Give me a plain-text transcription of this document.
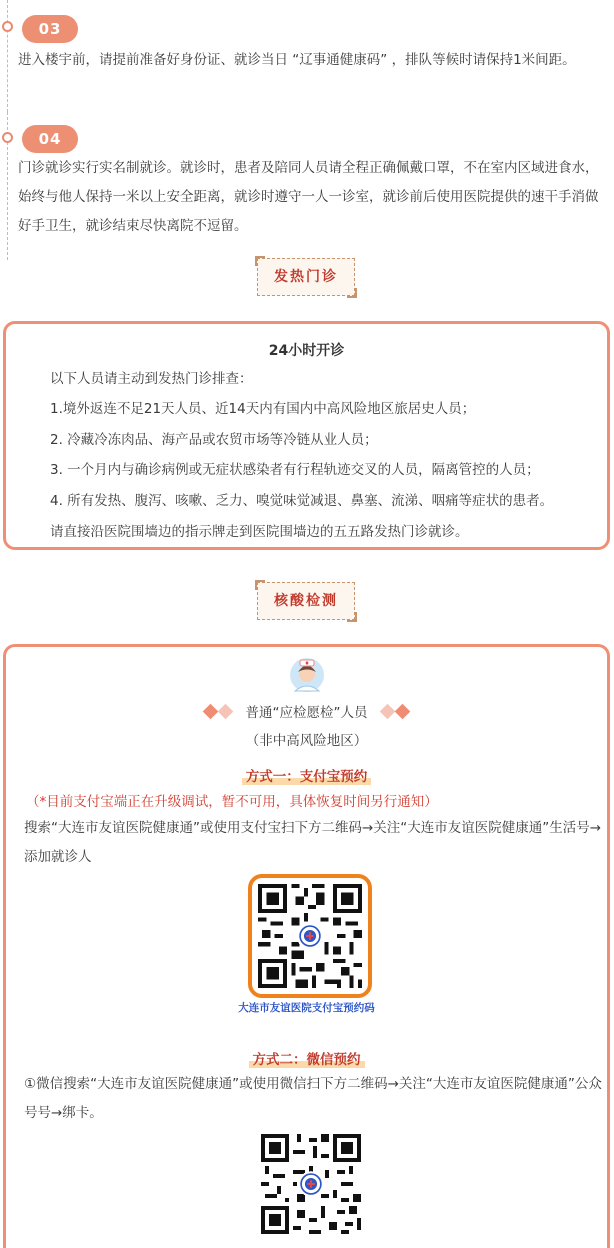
03
进入楼宇前，请提前准备好身份证、就诊当日 “辽事通健康码” ，排队等候时请保持1米间距。
04
门诊就诊实行实名制就诊。就诊时，患者及陪同人员请全程正确佩戴口罩，不在室内区域进食水，始终与他人保持一米以上安全距离，就诊时遵守一人一诊室，就诊前后使用医院提供的速干手消做好手卫生，就诊结束尽快离院不逗留。
发热门诊
24小时开诊
以下人员请主动到发热门诊排查：
1.境外返连不足21天人员、近14天内有国内中高风险地区旅居史人员；
2. 冷藏冷冻肉品、海产品或农贸市场等冷链从业人员；
3. 一个月内与确诊病例或无症状感染者有行程轨迹交叉的人员，隔离管控的人员；
4. 所有发热、腹泻、咳嗽、乏力、嗅觉味觉减退、鼻塞、流涕、咽痛等症状的患者。
请直接沿医院围墙边的指示牌走到医院围墙边的五五路发热门诊就诊。
核酸检测
普通“应检愿检”人员
（非中高风险地区）
方式一：支付宝预约
（*目前支付宝端正在升级调试，暂不可用，具体恢复时间另行通知）
搜索“大连市友谊医院健康通”或使用支付宝扫下方二维码→关注“大连市友谊医院健康通”生活号→添加就诊人
大连市友谊医院支付宝预约码
方式二：微信预约
①微信搜索“大连市友谊医院健康通”或使用微信扫下方二维码→关注“大连市友谊医院健康通”公众号号→绑卡。
